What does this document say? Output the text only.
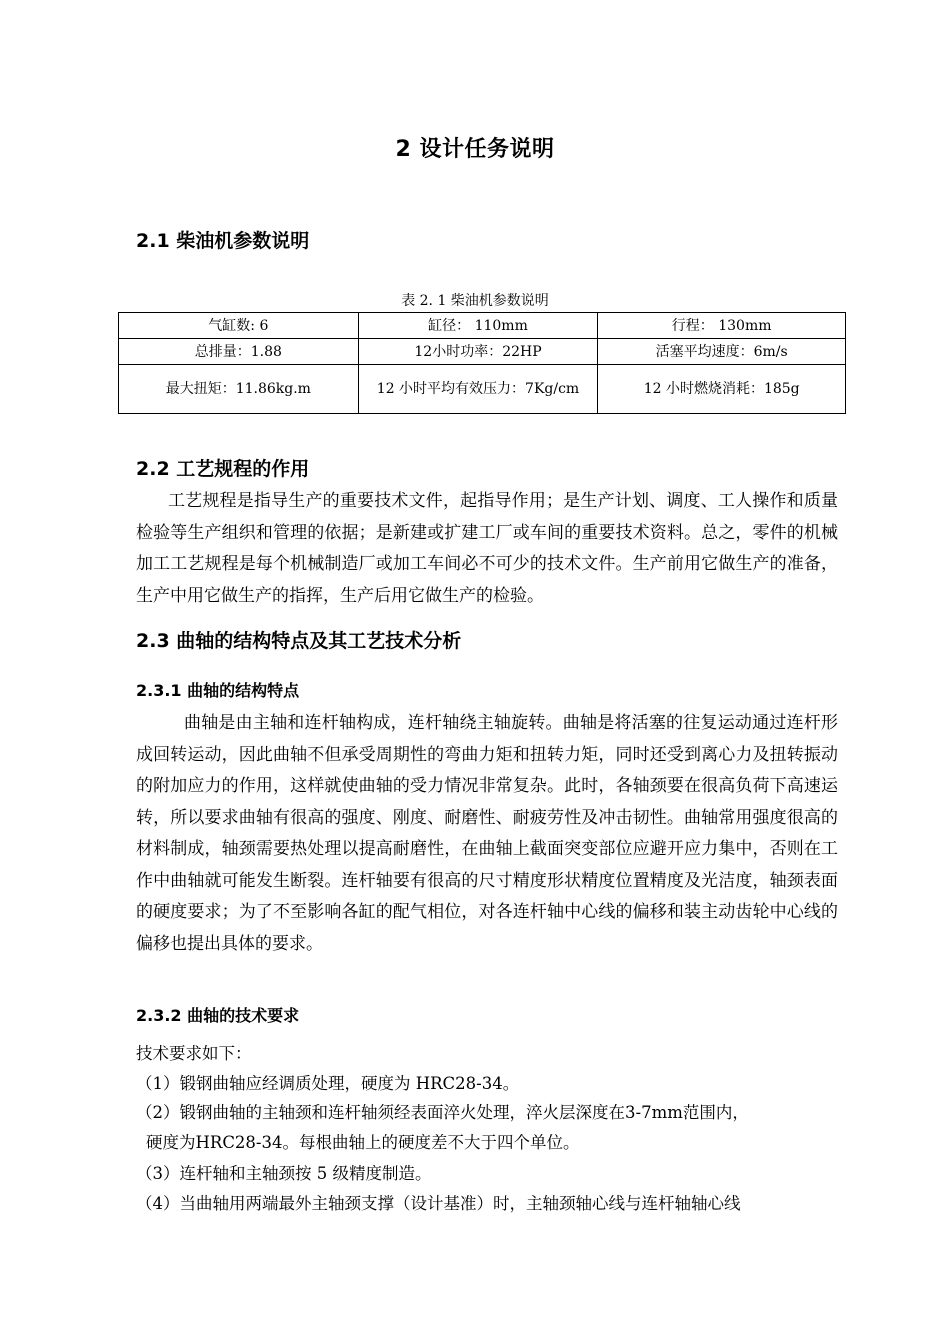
2 设计任务说明
2.1 柴油机参数说明
表 2. 1 柴油机参数说明
气缸数: 6	缸径： 110mm	行程： 130mm
总排量：1.88	12小时功率：22HP	活塞平均速度：6m/s
最大扭矩：11.86kg.m	12 小时平均有效压力：7Kg/cm	12 小时燃烧消耗：185g
2.2 工艺规程的作用
工艺规程是指导生产的重要技术文件，起指导作用；是生产计划、调度、工人操作和质量检验等生产组织和管理的依据；是新建或扩建工厂或车间的重要技术资料。总之，零件的机械加工工艺规程是每个机械制造厂或加工车间必不可少的技术文件。生产前用它做生产的准备，生产中用它做生产的指挥，生产后用它做生产的检验。
2.3 曲轴的结构特点及其工艺技术分析
2.3.1 曲轴的结构特点
曲轴是由主轴和连杆轴构成，连杆轴绕主轴旋转。曲轴是将活塞的往复运动通过连杆形成回转运动，因此曲轴不但承受周期性的弯曲力矩和扭转力矩，同时还受到离心力及扭转振动的附加应力的作用，这样就使曲轴的受力情况非常复杂。此时，各轴颈要在很高负荷下高速运转，所以要求曲轴有很高的强度、刚度、耐磨性、耐疲劳性及冲击韧性。曲轴常用强度很高的材料制成，轴颈需要热处理以提高耐磨性，在曲轴上截面突变部位应避开应力集中，否则在工作中曲轴就可能发生断裂。连杆轴要有很高的尺寸精度形状精度位置精度及光洁度，轴颈表面的硬度要求；为了不至影响各缸的配气相位，对各连杆轴中心线的偏移和装主动齿轮中心线的偏移也提出具体的要求。
2.3.2 曲轴的技术要求
技术要求如下：
（1）锻钢曲轴应经调质处理，硬度为 HRC28-34。
（2）锻钢曲轴的主轴颈和连杆轴须经表面淬火处理，淬火层深度在3-7mm范围内，
硬度为HRC28-34。每根曲轴上的硬度差不大于四个单位。
（3）连杆轴和主轴颈按 5 级精度制造。
（4）当曲轴用两端最外主轴颈支撑（设计基准）时，主轴颈轴心线与连杆轴轴心线
